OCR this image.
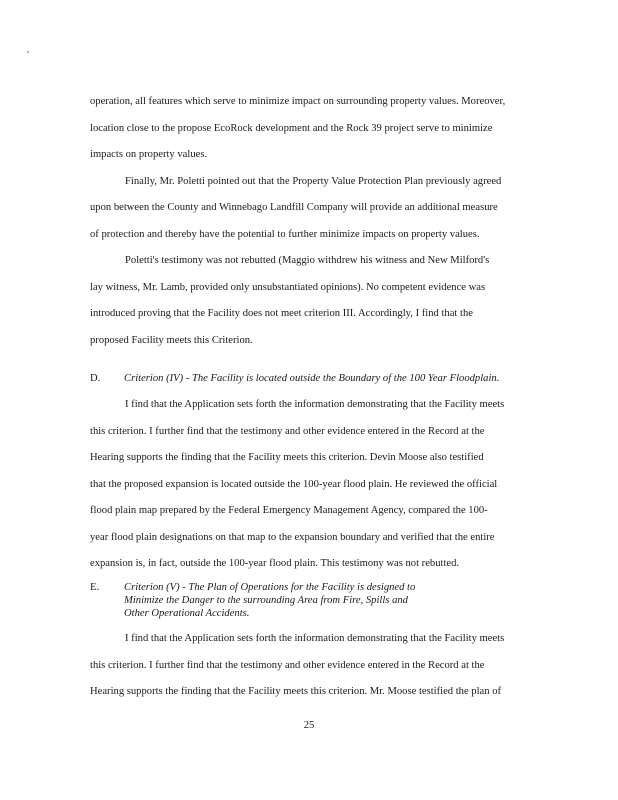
operation, all features which serve to minimize impact on surrounding property values. Moreover,
location close to the propose EcoRock development and the Rock 39 project serve to minimize
impacts on property values.
Finally, Mr. Poletti pointed out that the Property Value Protection Plan previously agreed
upon between the County and Winnebago Landfill Company will provide an additional measure
of protection and thereby have the potential to further minimize impacts on property values.
Poletti's testimony was not rebutted (Maggio withdrew his witness and New Milford's
lay witness, Mr. Lamb, provided only unsubstantiated opinions). No competent evidence was
introduced proving that the Facility does not meet criterion III. Accordingly, I find that the
proposed Facility meets this Criterion.
D. Criterion (IV) - The Facility is located outside the Boundary of the 100 Year Floodplain.
I find that the Application sets forth the information demonstrating that the Facility meets
this criterion. I further find that the testimony and other evidence entered in the Record at the
Hearing supports the finding that the Facility meets this criterion. Devin Moose also testified
that the proposed expansion is located outside the 100-year flood plain. He reviewed the official
flood plain map prepared by the Federal Emergency Management Agency, compared the 100-
year flood plain designations on that map to the expansion boundary and verified that the entire
expansion is, in fact, outside the 100-year flood plain. This testimony was not rebutted.
E. Criterion (V) - The Plan of Operations for the Facility is designed to
Minimize the Danger to the surrounding Area from Fire, Spills and
Other Operational Accidents.
I find that the Application sets forth the information demonstrating that the Facility meets
this criterion. I further find that the testimony and other evidence entered in the Record at the
Hearing supports the finding that the Facility meets this criterion. Mr. Moose testified the plan of
25
